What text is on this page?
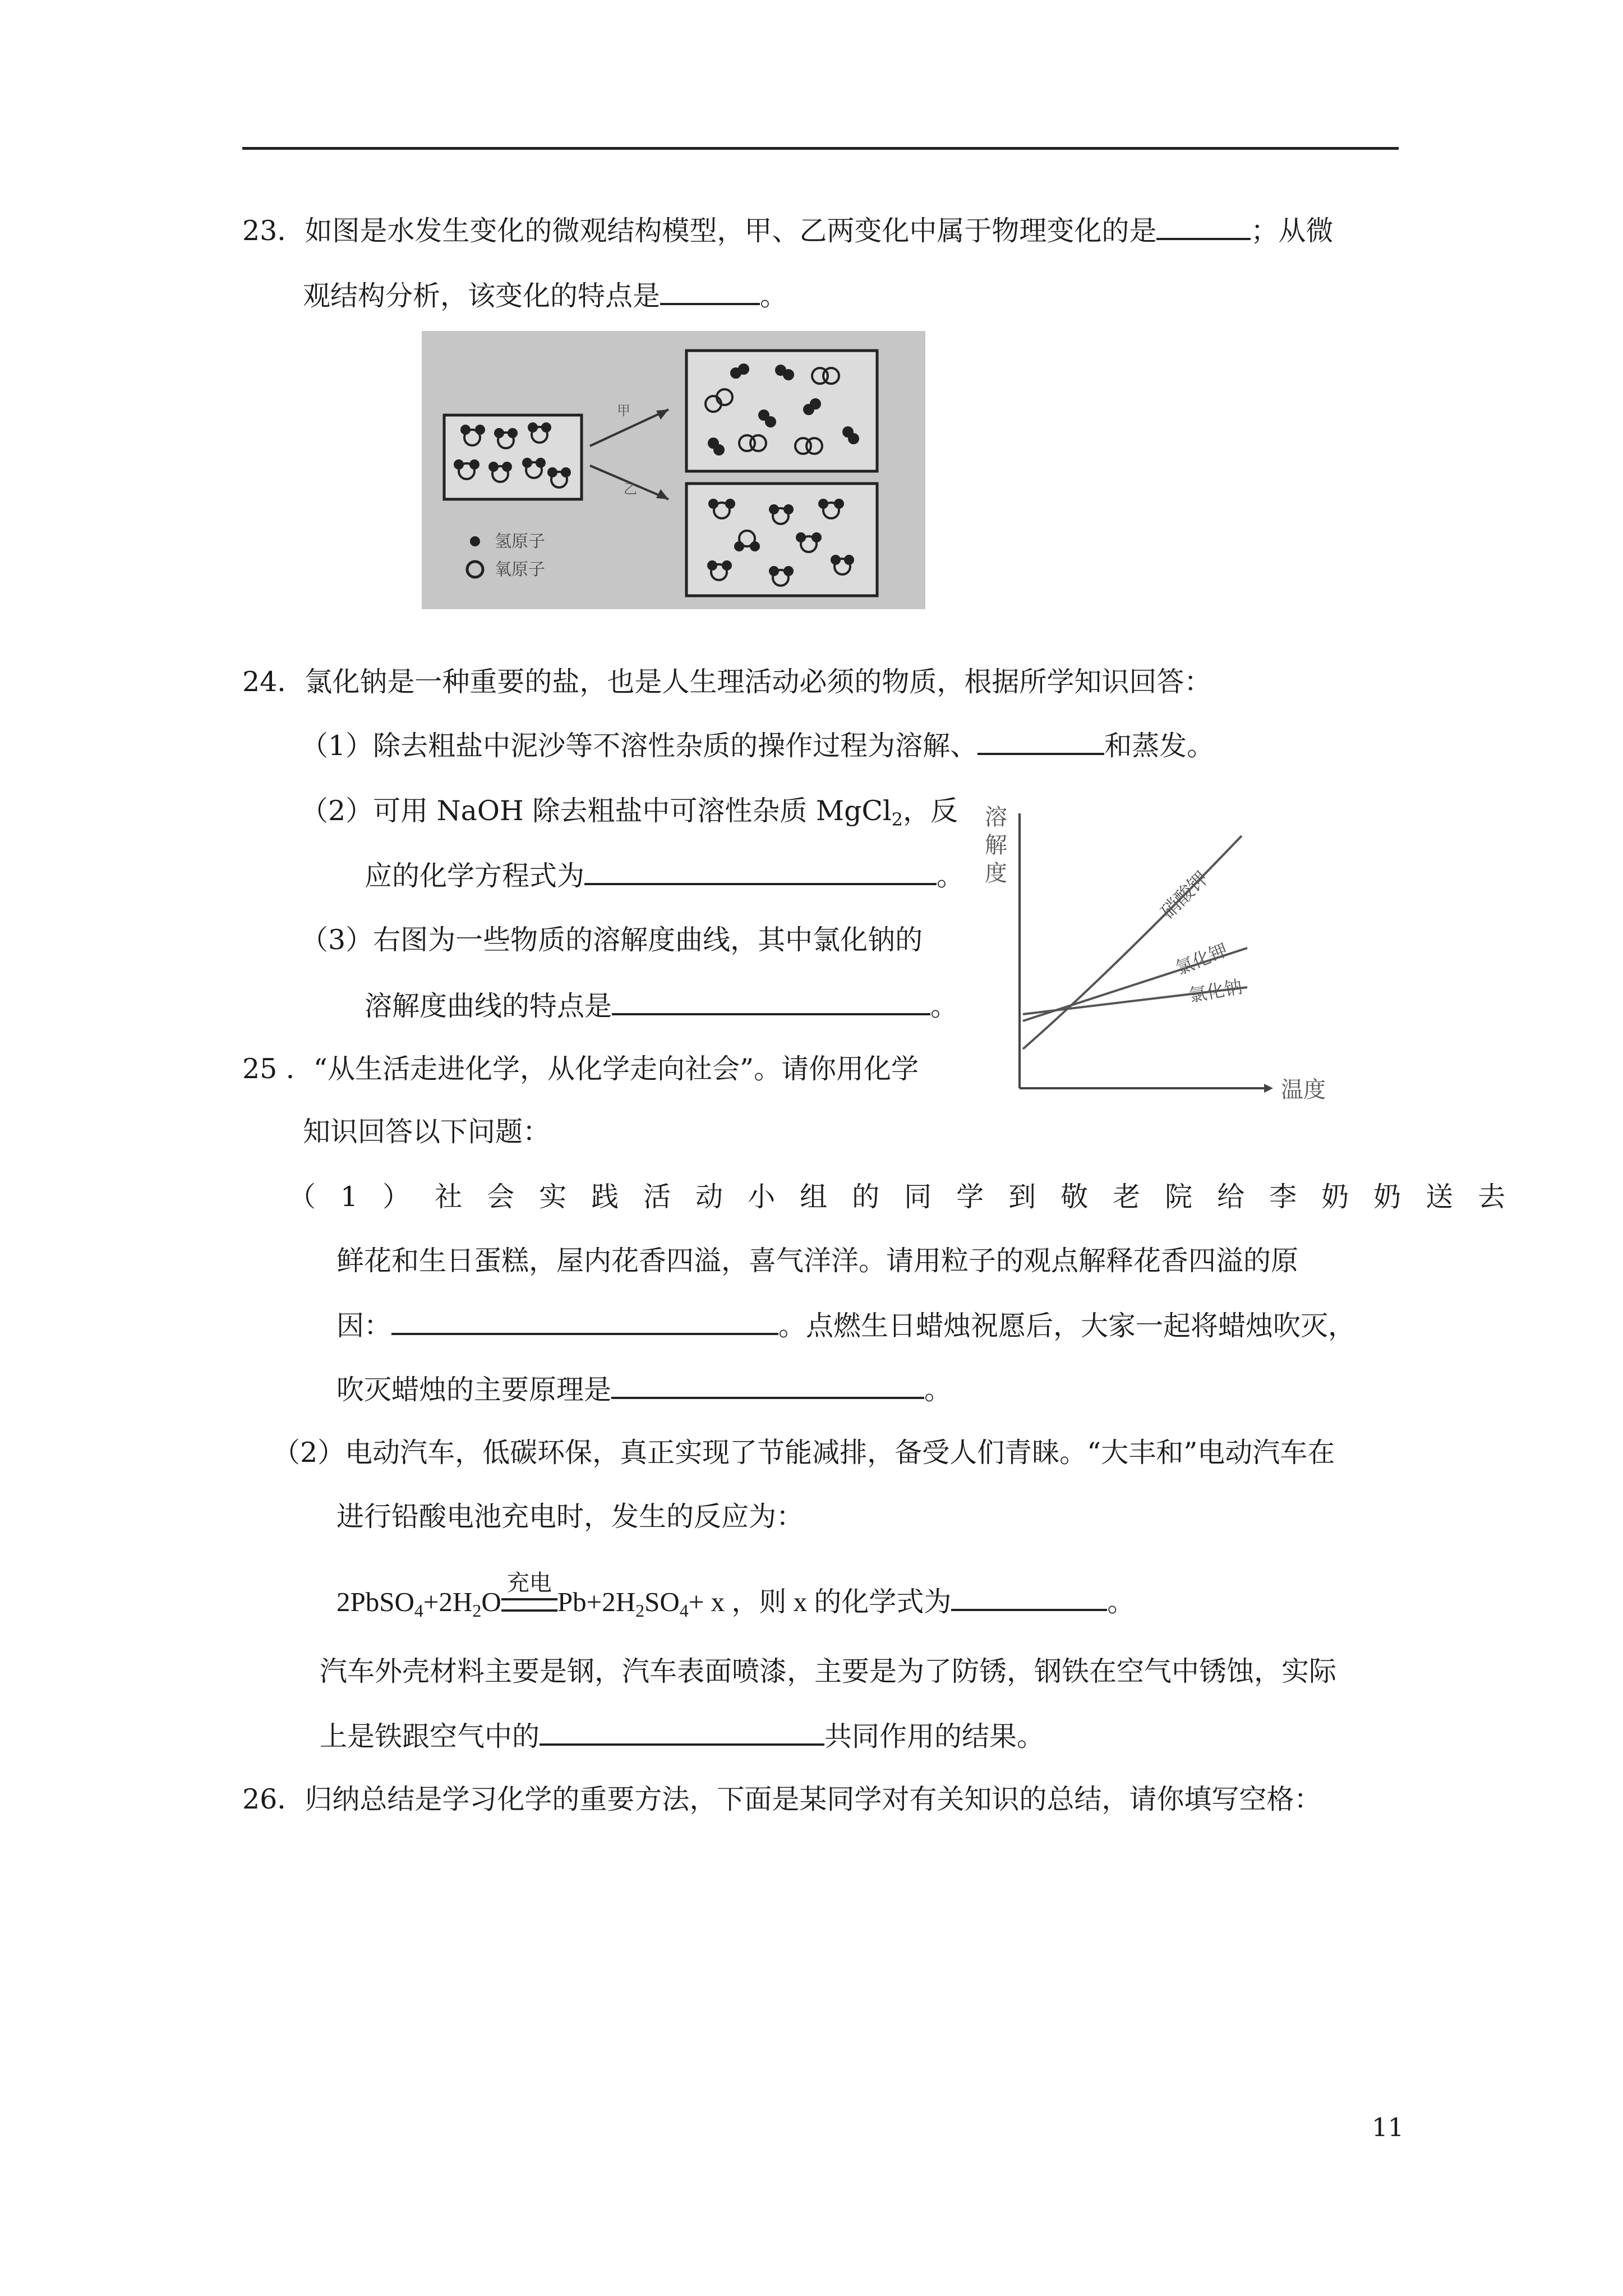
23．如图是水发生变化的微观结构模型，甲、乙两变化中属于物理变化的是	；从微
观结构分析，该变化的特点是	。
甲
乙
氢原子
氧原子
24．氯化钠是一种重要的盐，也是人生理活动必须的物质，根据所学知识回答：
（1）除去粗盐中泥沙等不溶性杂质的操作过程为溶解、	和蒸发。
（2）可用 NaOH 除去粗盐中可溶性杂质 MgCl$_2$，反
应的化学方程式为	。
（3）右图为一些物质的溶解度曲线，其中氯化钠的
溶解度曲线的特点是	。
溶 解 度
温度
硝酸钾
氯化钾
氯化钠
25 ．“从生活走进化学，从化学走向社会”。请你用化学
知识回答以下问题：
（1）社会实践活动小组的同学到敬老院给李奶奶送去
鲜花和生日蛋糕，屋内花香四溢，喜气洋洋。请用粒子的观点解释花香四溢的原
因：	。点燃生日蜡烛祝愿后，大家一起将蜡烛吹灭，
吹灭蜡烛的主要原理是	。
（2）电动汽车，低碳环保，真正实现了节能减排，备受人们青睐。“大丰和”电动汽车在
进行铅酸电池充电时，发生的反应为：
$2PbSO_4+2H_2O$
充电
$Pb+2H_2SO_4+ x$ ，则 x 的化学式为	。
汽车外壳材料主要是钢，汽车表面喷漆，主要是为了防锈，钢铁在空气中锈蚀，实际
上是铁跟空气中的	共同作用的结果。
26．归纳总结是学习化学的重要方法，下面是某同学对有关知识的总结，请你填写空格：
11
